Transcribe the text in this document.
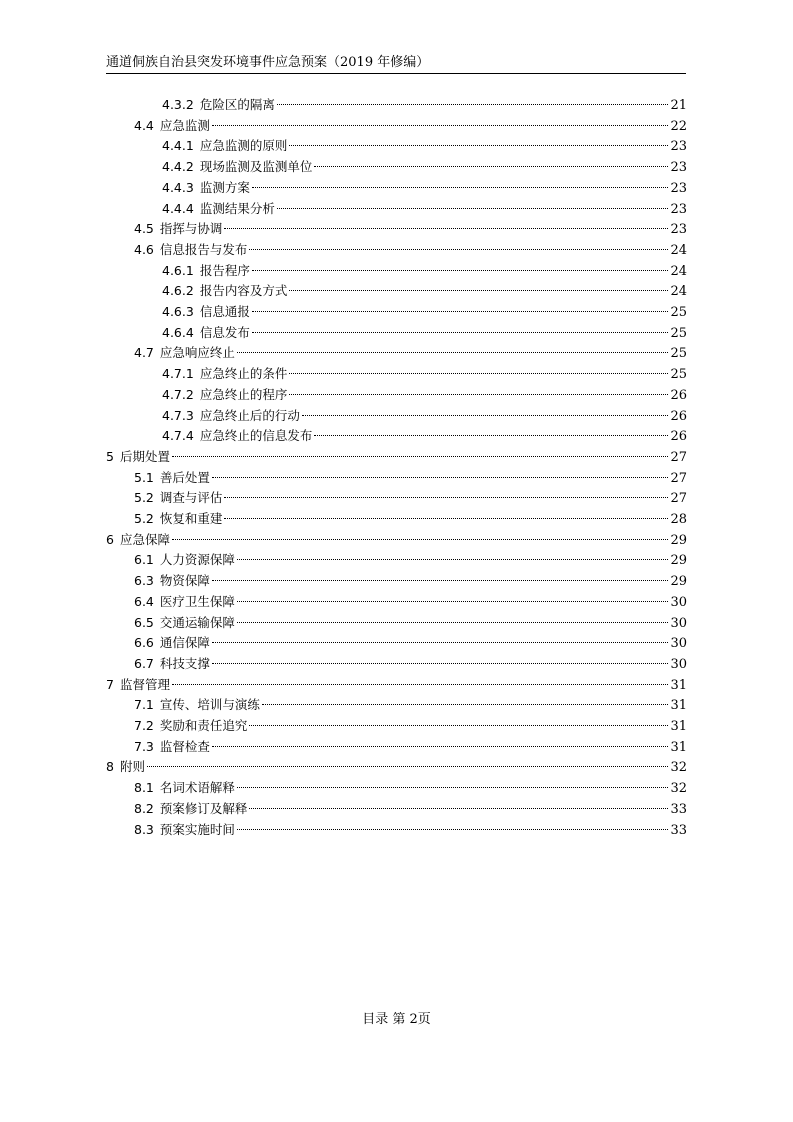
通道侗族自治县突发环境事件应急预案（2019 年修编）
4.3.2 危险区的隔离	21
4.4 应急监测	22
4.4.1 应急监测的原则	23
4.4.2 现场监测及监测单位	23
4.4.3 监测方案	23
4.4.4 监测结果分析	23
4.5 指挥与协调	23
4.6 信息报告与发布	24
4.6.1 报告程序	24
4.6.2 报告内容及方式	24
4.6.3 信息通报	25
4.6.4 信息发布	25
4.7 应急响应终止	25
4.7.1 应急终止的条件	25
4.7.2 应急终止的程序	26
4.7.3 应急终止后的行动	26
4.7.4 应急终止的信息发布	26
5 后期处置	27
5.1 善后处置	27
5.2 调查与评估	27
5.2 恢复和重建	28
6 应急保障	29
6.1 人力资源保障	29
6.3 物资保障	29
6.4 医疗卫生保障	30
6.5 交通运输保障	30
6.6 通信保障	30
6.7 科技支撑	30
7 监督管理	31
7.1 宣传、培训与演练	31
7.2 奖励和责任追究	31
7.3 监督检查	31
8 附则	32
8.1 名词术语解释	32
8.2 预案修订及解释	33
8.3 预案实施时间	33
目录 第 2页
